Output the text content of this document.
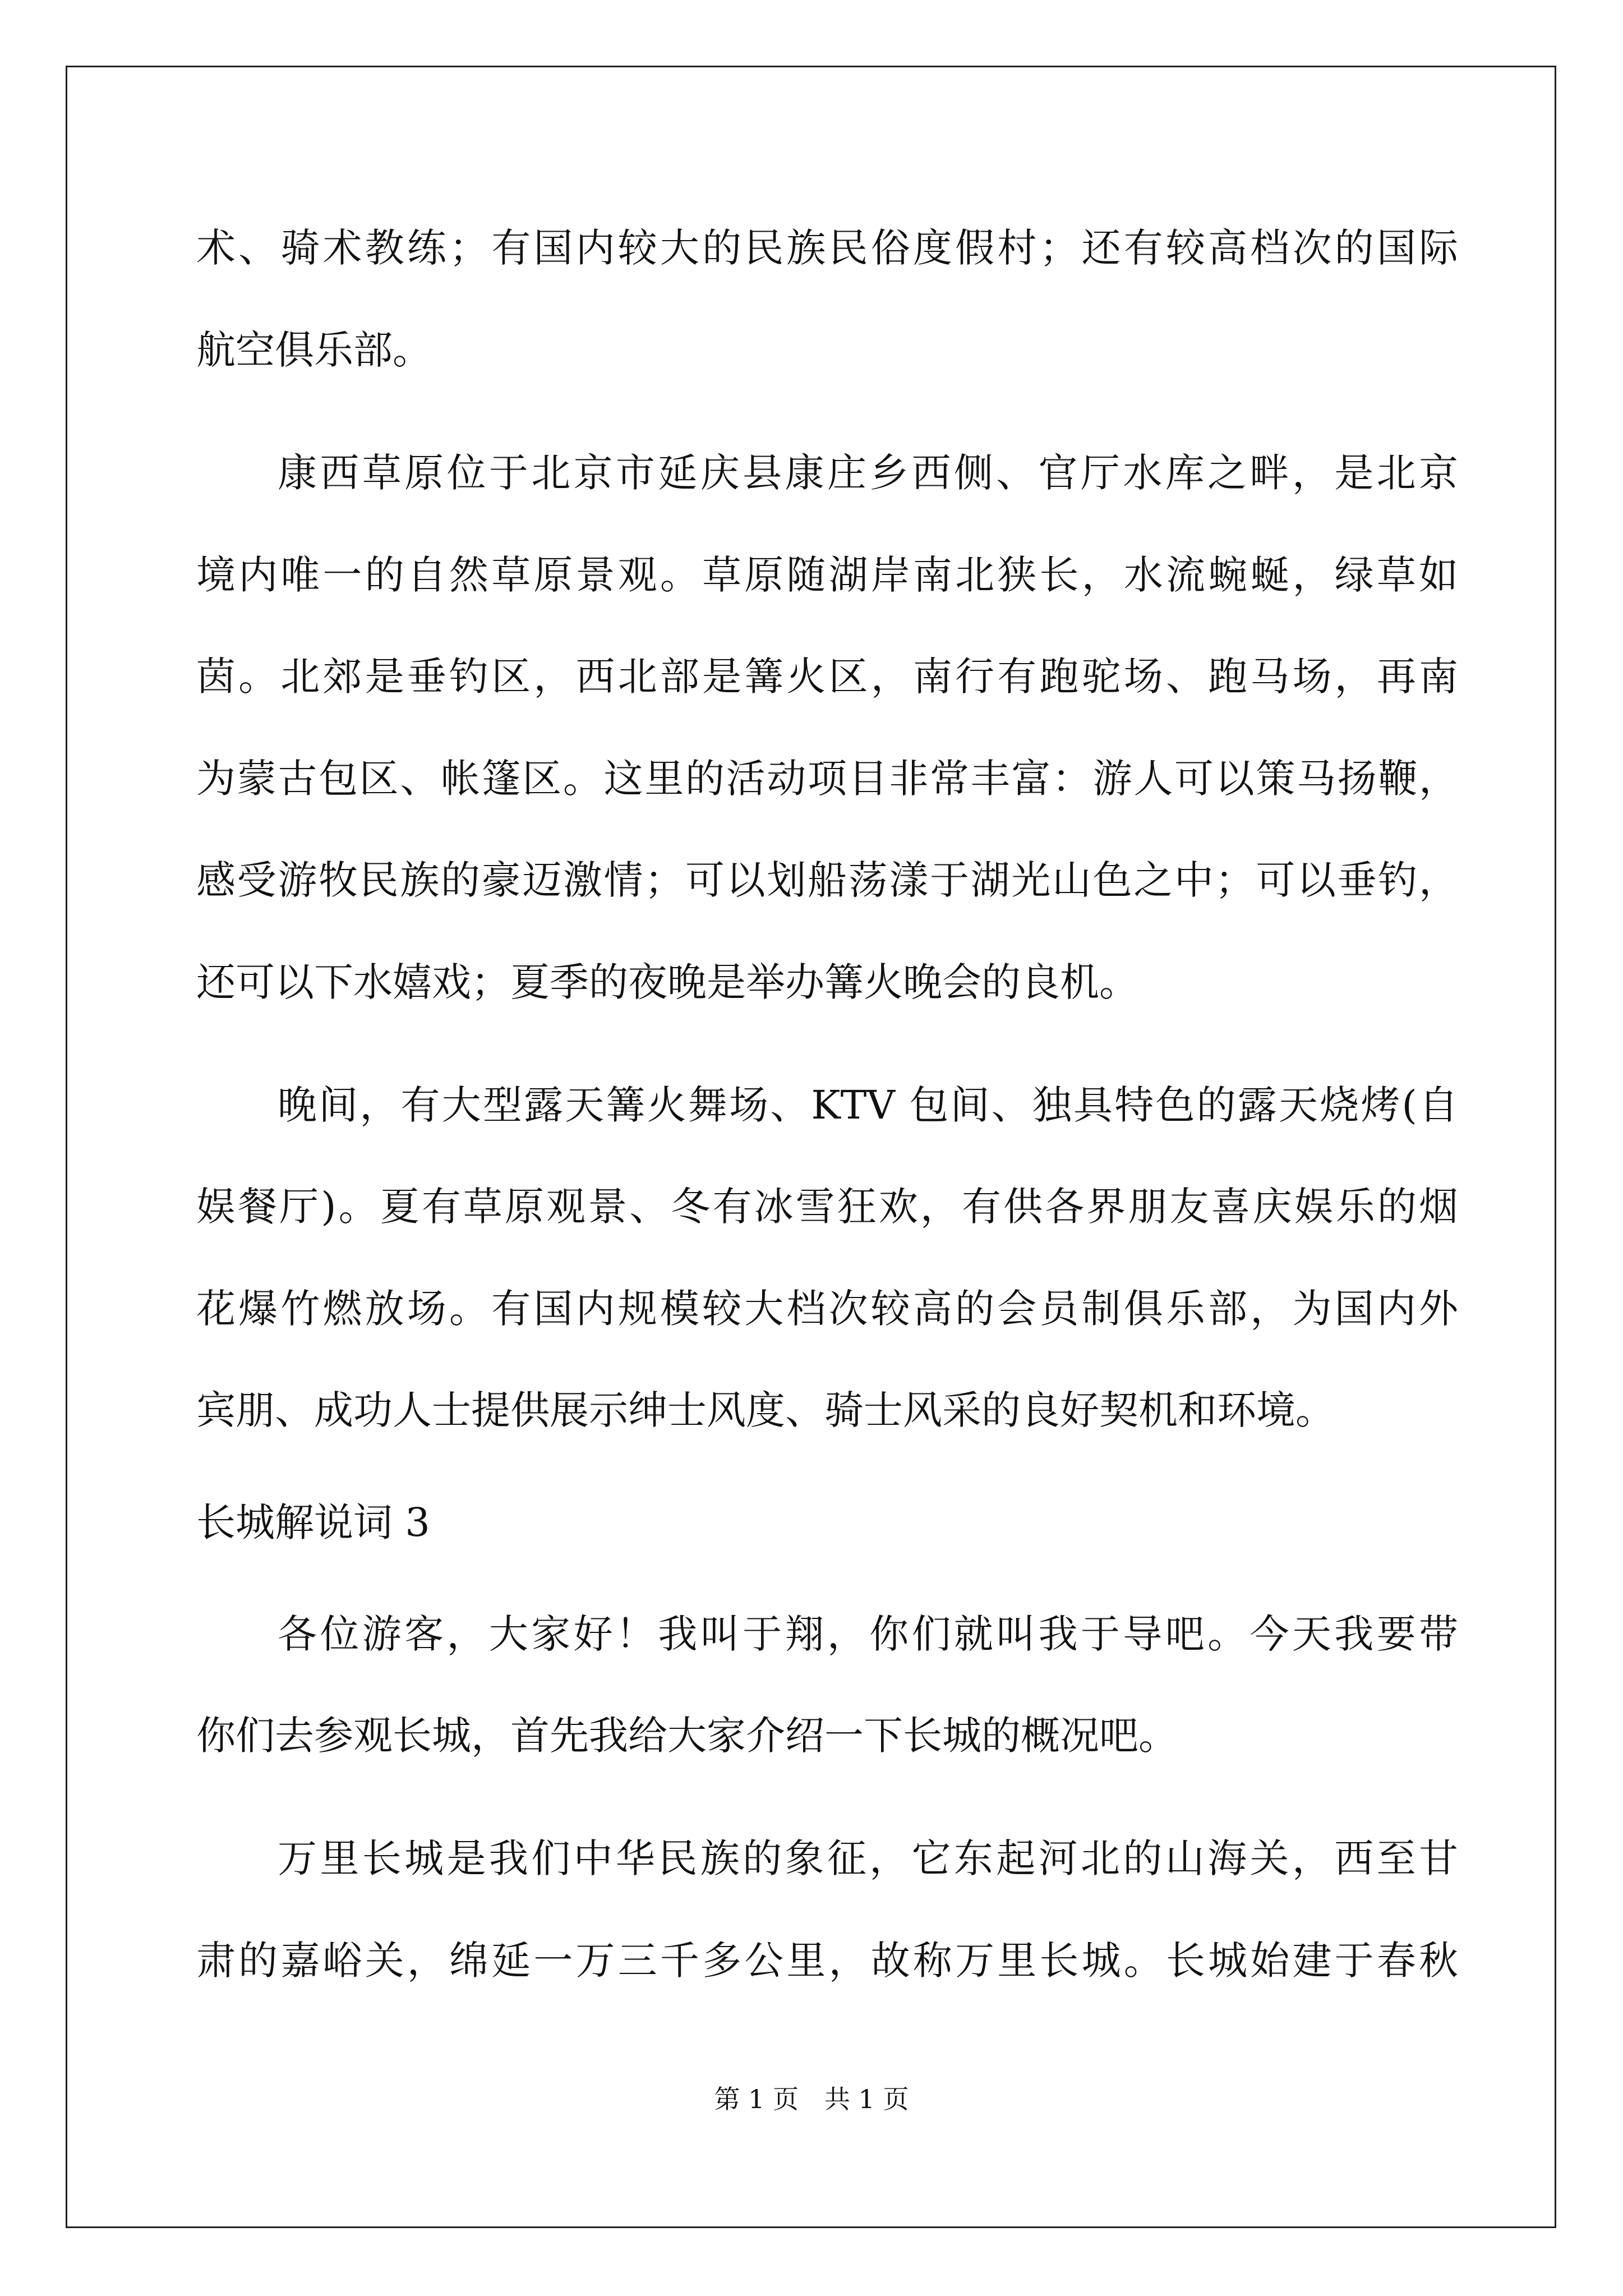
术、骑术教练；有国内较大的民族民俗度假村；还有较高档次的国际
航空俱乐部。
康西草原位于北京市延庆县康庄乡西侧、官厅水库之畔，是北京
境内唯一的自然草原景观。草原随湖岸南北狭长，水流蜿蜒，绿草如
茵。北郊是垂钓区，西北部是篝火区，南行有跑驼场、跑马场，再南
为蒙古包区、帐篷区。这里的活动项目非常丰富：游人可以策马扬鞭，
感受游牧民族的豪迈激情；可以划船荡漾于湖光山色之中；可以垂钓，
还可以下水嬉戏；夏季的夜晚是举办篝火晚会的良机。
晚间，有大型露天篝火舞场、KTV 包间、独具特色的露天烧烤(自
娱餐厅)。夏有草原观景、冬有冰雪狂欢，有供各界朋友喜庆娱乐的烟
花爆竹燃放场。有国内规模较大档次较高的会员制俱乐部，为国内外
宾朋、成功人士提供展示绅士风度、骑士风采的良好契机和环境。
长城解说词 3
各位游客，大家好！我叫于翔，你们就叫我于导吧。今天我要带
你们去参观长城，首先我给大家介绍一下长城的概况吧。
万里长城是我们中华民族的象征，它东起河北的山海关，西至甘
肃的嘉峪关，绵延一万三千多公里，故称万里长城。长城始建于春秋
第 1 页　共 1 页
